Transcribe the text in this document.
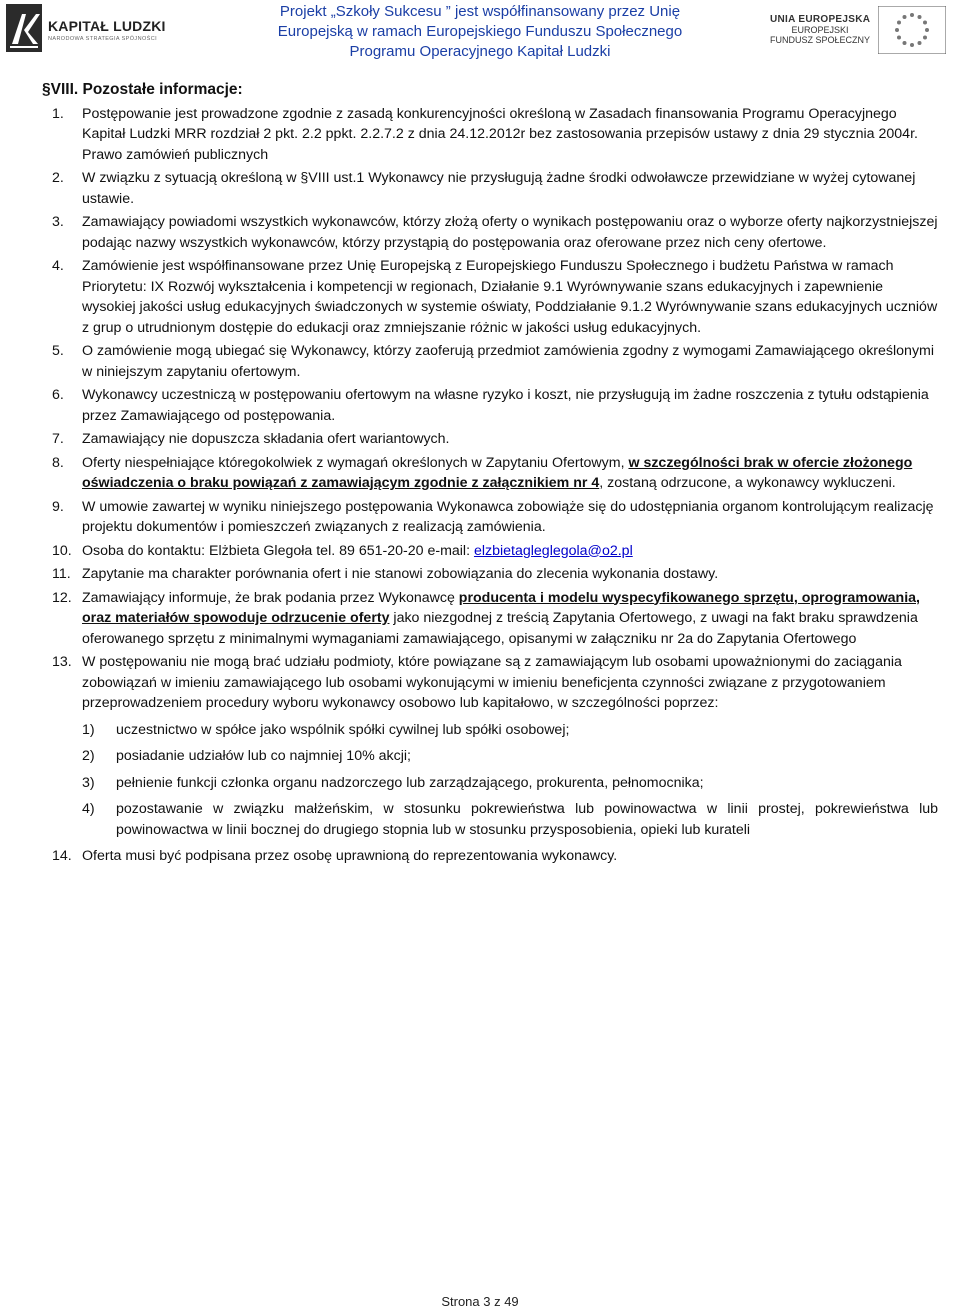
KAPITAŁ LUDZKI
NARODOWA STRATEGIA SPÓJNOŚCI
Projekt „Szkoły Sukcesu ” jest współfinansowany przez Unię
Europejską w ramach Europejskiego Funduszu Społecznego
Programu Operacyjnego Kapitał Ludzki
UNIA EUROPEJSKA
EUROPEJSKI
FUNDUSZ SPOŁECZNY
§VIII. Pozostałe informacje:
1. Postępowanie jest prowadzone zgodnie z zasadą konkurencyjności określoną w Zasadach finansowania Programu Operacyjnego Kapitał Ludzki MRR rozdział 2 pkt. 2.2 ppkt. 2.2.7.2 z dnia 24.12.2012r bez zastosowania przepisów ustawy z dnia 29 stycznia 2004r. Prawo zamówień publicznych
2. W związku z sytuacją określoną w §VIII ust.1 Wykonawcy nie przysługują żadne środki odwoławcze przewidziane w wyżej cytowanej ustawie.
3. Zamawiający powiadomi wszystkich wykonawców, którzy złożą oferty o wynikach postępowaniu oraz o wyborze oferty najkorzystniejszej podając nazwy wszystkich wykonawców, którzy przystąpią do postępowania oraz oferowane przez nich ceny ofertowe.
4. Zamówienie jest współfinansowane przez Unię Europejską z Europejskiego Funduszu Społecznego i budżetu Państwa w ramach Priorytetu: IX Rozwój wykształcenia i kompetencji w regionach, Działanie 9.1 Wyrównywanie szans edukacyjnych i zapewnienie wysokiej jakości usług edukacyjnych świadczonych w systemie oświaty, Poddziałanie 9.1.2 Wyrównywanie szans edukacyjnych uczniów z grup o utrudnionym dostępie do edukacji oraz zmniejszanie różnic w jakości usług edukacyjnych.
5. O zamówienie mogą ubiegać się Wykonawcy, którzy zaoferują przedmiot zamówienia zgodny z wymogami Zamawiającego określonymi w niniejszym zapytaniu ofertowym.
6. Wykonawcy uczestniczą w postępowaniu ofertowym na własne ryzyko i koszt, nie przysługują im żadne roszczenia z tytułu odstąpienia przez Zamawiającego od postępowania.
7. Zamawiający nie dopuszcza składania ofert wariantowych.
8. Oferty niespełniające któregokolwiek z wymagań określonych w Zapytaniu Ofertowym, w szczególności brak w ofercie złożonego oświadczenia o braku powiązań z zamawiającym zgodnie z załącznikiem nr 4, zostaną odrzucone, a wykonawcy wykluczeni.
9. W umowie zawartej w wyniku niniejszego postępowania Wykonawca zobowiąże się do udostępniania organom kontrolującym realizację projektu dokumentów i pomieszczeń związanych z realizacją zamówienia.
10. Osoba do kontaktu: Elżbieta Glegoła tel. 89 651-20-20 e-mail: elzbietagleglegola@o2.pl
11. Zapytanie ma charakter porównania ofert i nie stanowi zobowiązania do zlecenia wykonania dostawy.
12. Zamawiający informuje, że brak podania przez Wykonawcę producenta i modelu wyspecyfikowanego sprzętu, oprogramowania, oraz materiałów spowoduje odrzucenie oferty jako niezgodnej z treścią Zapytania Ofertowego, z uwagi na fakt braku sprawdzenia oferowanego sprzętu z minimalnymi wymaganiami zamawiającego, opisanymi w załączniku nr 2a do Zapytania Ofertowego
13. W postępowaniu nie mogą brać udziału podmioty, które powiązane są z zamawiającym lub osobami upoważnionymi do zaciągania zobowiązań w imieniu zamawiającego lub osobami wykonującymi w imieniu beneficjenta czynności związane z przygotowaniem przeprowadzeniem procedury wyboru wykonawcy osobowo lub kapitałowo, w szczególności poprzez:
1) uczestnictwo w spółce jako wspólnik spółki cywilnej lub spółki osobowej;
2) posiadanie udziałów lub co najmniej 10% akcji;
3) pełnienie funkcji członka organu nadzorczego lub zarządzającego, prokurenta, pełnomocnika;
4) pozostawanie w związku małżeńskim, w stosunku pokrewieństwa lub powinowactwa w linii prostej, pokrewieństwa lub powinowactwa w linii bocznej do drugiego stopnia lub w stosunku przysposobienia, opieki lub kurateli
14. Oferta musi być podpisana przez osobę uprawnioną do reprezentowania wykonawcy.
Strona 3 z 49
